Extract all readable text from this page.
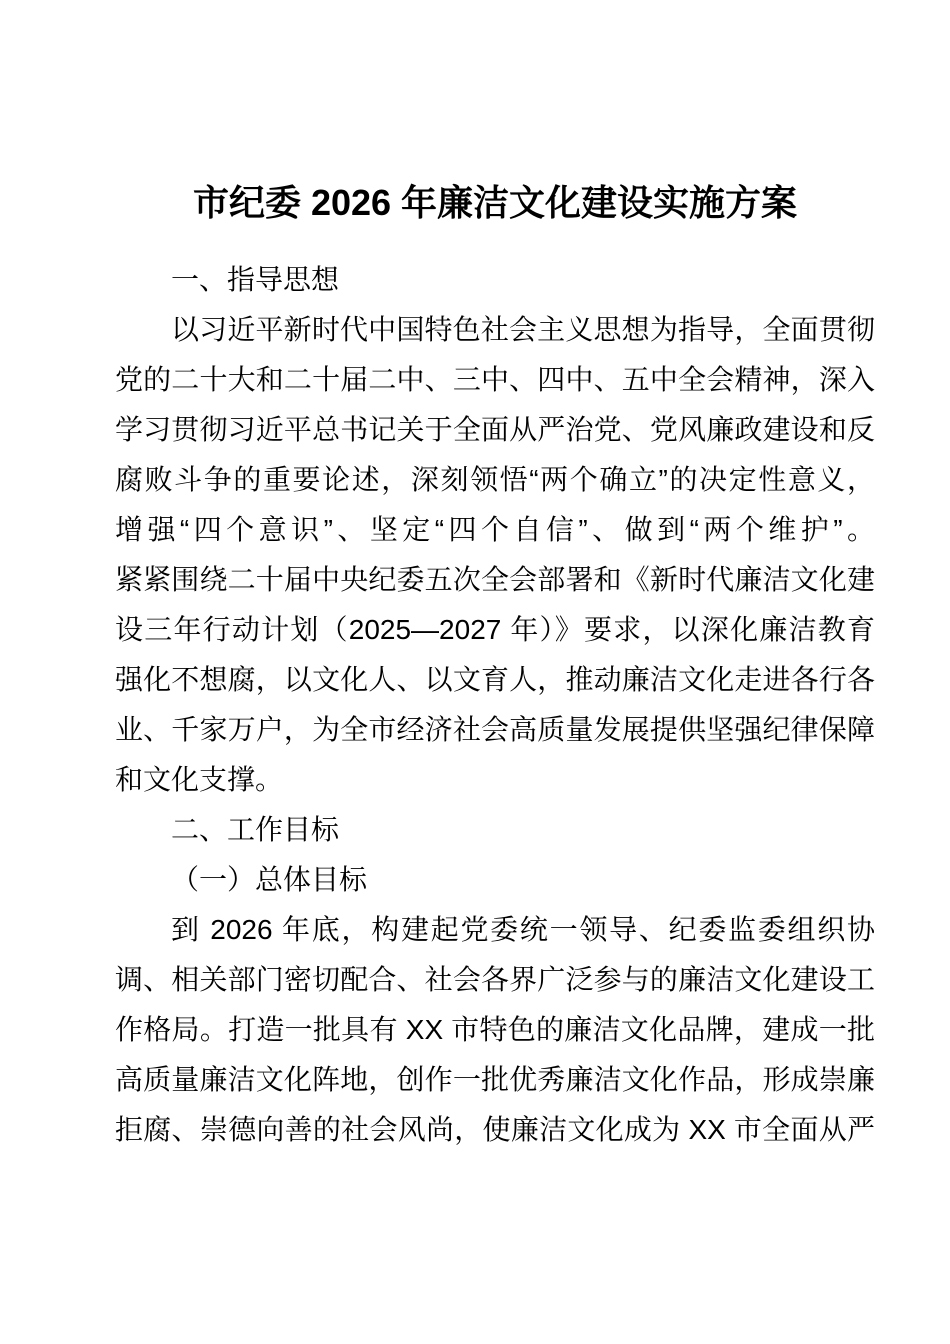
市纪委 2026 年廉洁文化建设实施方案
一、指导思想
以习近平新时代中国特色社会主义思想为指导，全面贯彻
党的二十大和二十届二中、三中、四中、五中全会精神，深入
学习贯彻习近平总书记关于全面从严治党、党风廉政建设和反
腐败斗争的重要论述，深刻领悟“两个确立”的决定性意义，
增强“四个意识”、坚定“四个自信”、做到“两个维护”。
紧紧围绕二十届中央纪委五次全会部署和《新时代廉洁文化建
设三年行动计划（2025—2027 年）》要求，以深化廉洁教育
强化不想腐，以文化人、以文育人，推动廉洁文化走进各行各
业、千家万户，为全市经济社会高质量发展提供坚强纪律保障
和文化支撑。
二、工作目标
（一）总体目标
到 2026 年底，构建起党委统一领导、纪委监委组织协
调、相关部门密切配合、社会各界广泛参与的廉洁文化建设工
作格局。打造一批具有 XX 市特色的廉洁文化品牌，建成一批
高质量廉洁文化阵地，创作一批优秀廉洁文化作品，形成崇廉
拒腐、崇德向善的社会风尚，使廉洁文化成为 XX 市全面从严
